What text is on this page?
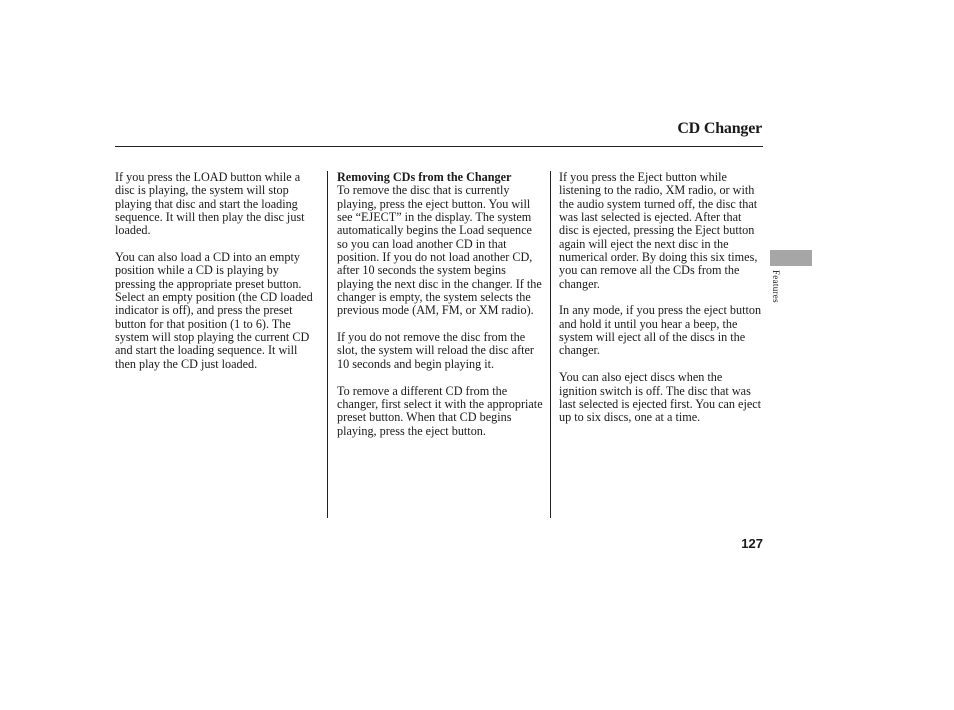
CD Changer

If you press the LOAD button while a disc is playing, the system will stop playing that disc and start the loading sequence. It will then play the disc just loaded.

You can also load a CD into an empty position while a CD is playing by pressing the appropriate preset button. Select an empty position (the CD loaded indicator is off), and press the preset button for that position (1 to 6). The system will stop playing the current CD and start the loading sequence. It will then play the CD just loaded.

Removing CDs from the Changer
To remove the disc that is currently playing, press the eject button. You will see “EJECT” in the display. The system automatically begins the Load sequence so you can load another CD in that position. If you do not load another CD, after 10 seconds the system begins playing the next disc in the changer. If the changer is empty, the system selects the previous mode (AM, FM, or XM radio).

If you do not remove the disc from the slot, the system will reload the disc after 10 seconds and begin playing it.

To remove a different CD from the changer, first select it with the appropriate preset button. When that CD begins playing, press the eject button.

If you press the Eject button while listening to the radio, XM radio, or with the audio system turned off, the disc that was last selected is ejected. After that disc is ejected, pressing the Eject button again will eject the next disc in the numerical order. By doing this six times, you can remove all the CDs from the changer.

In any mode, if you press the eject button and hold it until you hear a beep, the system will eject all of the discs in the changer.

You can also eject discs when the ignition switch is off. The disc that was last selected is ejected first. You can eject up to six discs, one at a time.

Features
127
